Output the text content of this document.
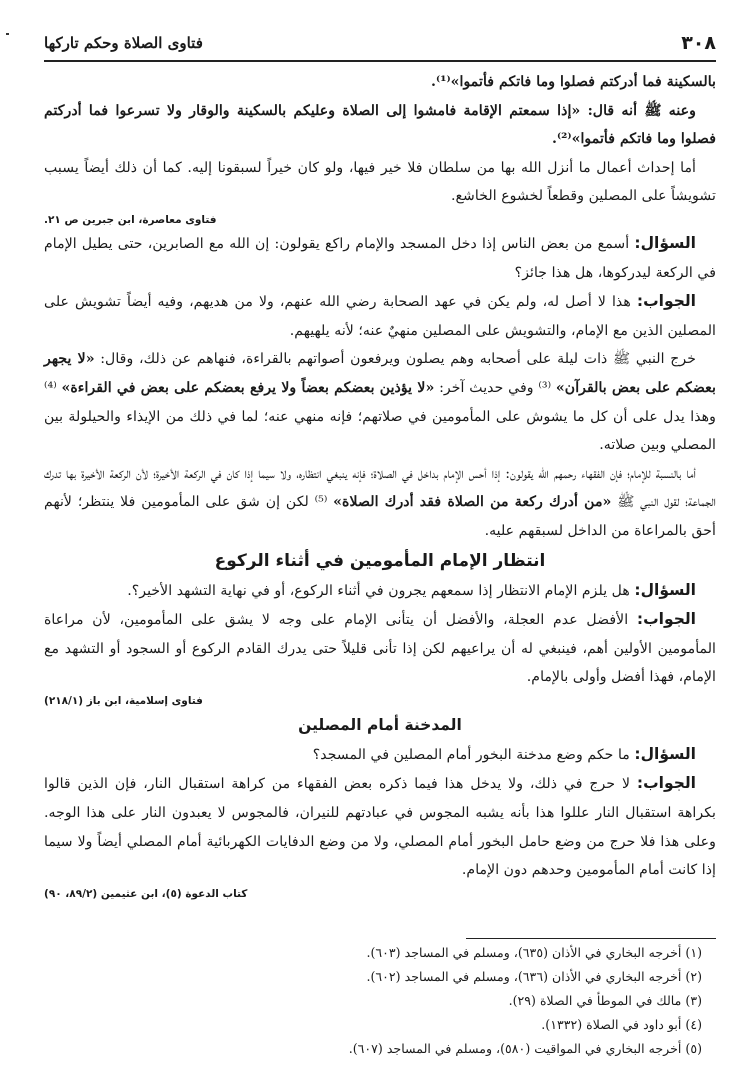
٣٠٨
فتاوى الصلاة وحكم تاركها

بالسكينة فما أدركتم فصلوا وما فاتكم فأتموا»⁽¹⁾.

وعنه ﷺ أنه قال: «إذا سمعتم الإقامة فامشوا إلى الصلاة وعليكم بالسكينة والوقار ولا تسرعوا فما أدركتم فصلوا وما فاتكم فأتموا»⁽²⁾.

أما إحداث أعمال ما أنزل الله بها من سلطان فلا خير فيها، ولو كان خيراً لسبقونا إليه. كما أن ذلك أيضاً يسبب تشويشاً على المصلين وقطعاً لخشوع الخاشع.

فتاوى معاصرة، ابن جبرين ص ٢١.

السؤال: أسمع من بعض الناس إذا دخل المسجد والإمام راكع يقولون: إن الله مع الصابرين، حتى يطيل الإمام في الركعة ليدركوها، هل هذا جائز؟

الجواب: هذا لا أصل له، ولم يكن في عهد الصحابة رضي الله عنهم، ولا من هديهم، وفيه أيضاً تشويش على المصلين الذين مع الإمام، والتشويش على المصلين منهيٌ عنه؛ لأنه يلهيهم.

خرج النبي ﷺ ذات ليلة على أصحابه وهم يصلون ويرفعون أصواتهم بالقراءة، فنهاهم عن ذلك، وقال: «لا يجهر بعضكم على بعض بالقرآن» ⁽³⁾ وفي حديث آخر: «لا يؤذين بعضكم بعضاً ولا يرفع بعضكم على بعض في القراءة» ⁽⁴⁾ وهذا يدل على أن كل ما يشوش على المأمومين في صلاتهم؛ فإنه منهي عنه؛ لما في ذلك من الإيذاء والحيلولة بين المصلي وبين صلاته.

أما بالنسبة للإمام؛ فإن الفقهاء رحمهم الله يقولون: إذا أحس الإمام بداخل في الصلاة؛ فإنه ينبغي انتظاره، ولا سيما إذا كان في الركعة الأخيرة؛ لأن الركعة الأخيرة بها تدرك الجماعة؛ لقول النبي ﷺ «من أدرك ركعة من الصلاة فقد أدرك الصلاة» ⁽⁵⁾ لكن إن شق على المأمومين فلا ينتظر؛ لأنهم أحق بالمراعاة من الداخل لسبقهم عليه.

انتظار الإمام المأمومين في أثناء الركوع

السؤال: هل يلزم الإمام الانتظار إذا سمعهم يجرون في أثناء الركوع، أو في نهاية التشهد الأخير؟.

الجواب: الأفضل عدم العجلة، والأفضل أن يتأنى الإمام على وجه لا يشق على المأمومين، لأن مراعاة المأمومين الأولين أهم، فينبغي له أن يراعيهم لكن إذا تأنى قليلاً حتى يدرك القادم الركوع أو السجود أو التشهد مع الإمام، فهذا أفضل وأولى بالإمام.

فتاوى إسلامية، ابن باز (٢١٨/١)

المدخنة أمام المصلين

السؤال: ما حكم وضع مدخنة البخور أمام المصلين في المسجد؟

الجواب: لا حرج في ذلك، ولا يدخل هذا فيما ذكره بعض الفقهاء من كراهة استقبال النار، فإن الذين قالوا بكراهة استقبال النار عللوا هذا بأنه يشبه المجوس في عبادتهم للنيران، فالمجوس لا يعبدون النار على هذا الوجه. وعلى هذا فلا حرج من وضع حامل البخور أمام المصلي، ولا من وضع الدفايات الكهربائية أمام المصلي أيضاً ولا سيما إذا كانت أمام المأمومين وحدهم دون الإمام.

كتاب الدعوة (٥)، ابن عثيمين (٨٩/٢، ٩٠)

(١) أخرجه البخاري في الأذان (٦٣٥)، ومسلم في المساجد (٦٠٣).

(٢) أخرجه البخاري في الأذان (٦٣٦)، ومسلم في المساجد (٦٠٢).

(٣) مالك في الموطأ في الصلاة (٢٩).

(٤) أبو داود في الصلاة (١٣٣٢).

(٥) أخرجه البخاري في المواقيت (٥٨٠)، ومسلم في المساجد (٦٠٧).
